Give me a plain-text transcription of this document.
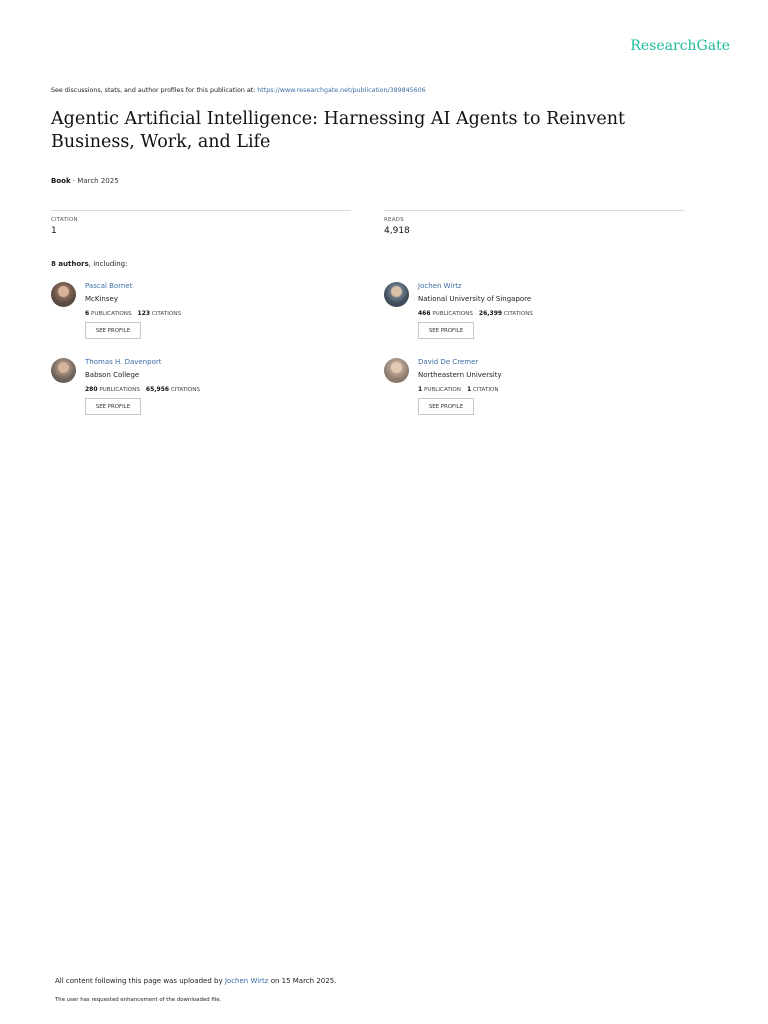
ResearchGate
See discussions, stats, and author profiles for this publication at: https://www.researchgate.net/publication/389845606
Agentic Artificial Intelligence: Harnessing AI Agents to Reinvent Business, Work, and Life
Book · March 2025
CITATION
1
READS
4,918
8 authors, including:
Pascal Bornet
McKinsey
6 PUBLICATIONS 123 CITATIONS
SEE PROFILE
Jochen Wirtz
National University of Singapore
466 PUBLICATIONS 26,399 CITATIONS
SEE PROFILE
Thomas H. Davenport
Babson College
280 PUBLICATIONS 65,956 CITATIONS
SEE PROFILE
David De Cremer
Northeastern University
1 PUBLICATION 1 CITATION
SEE PROFILE
All content following this page was uploaded by Jochen Wirtz on 15 March 2025.
The user has requested enhancement of the downloaded file.
